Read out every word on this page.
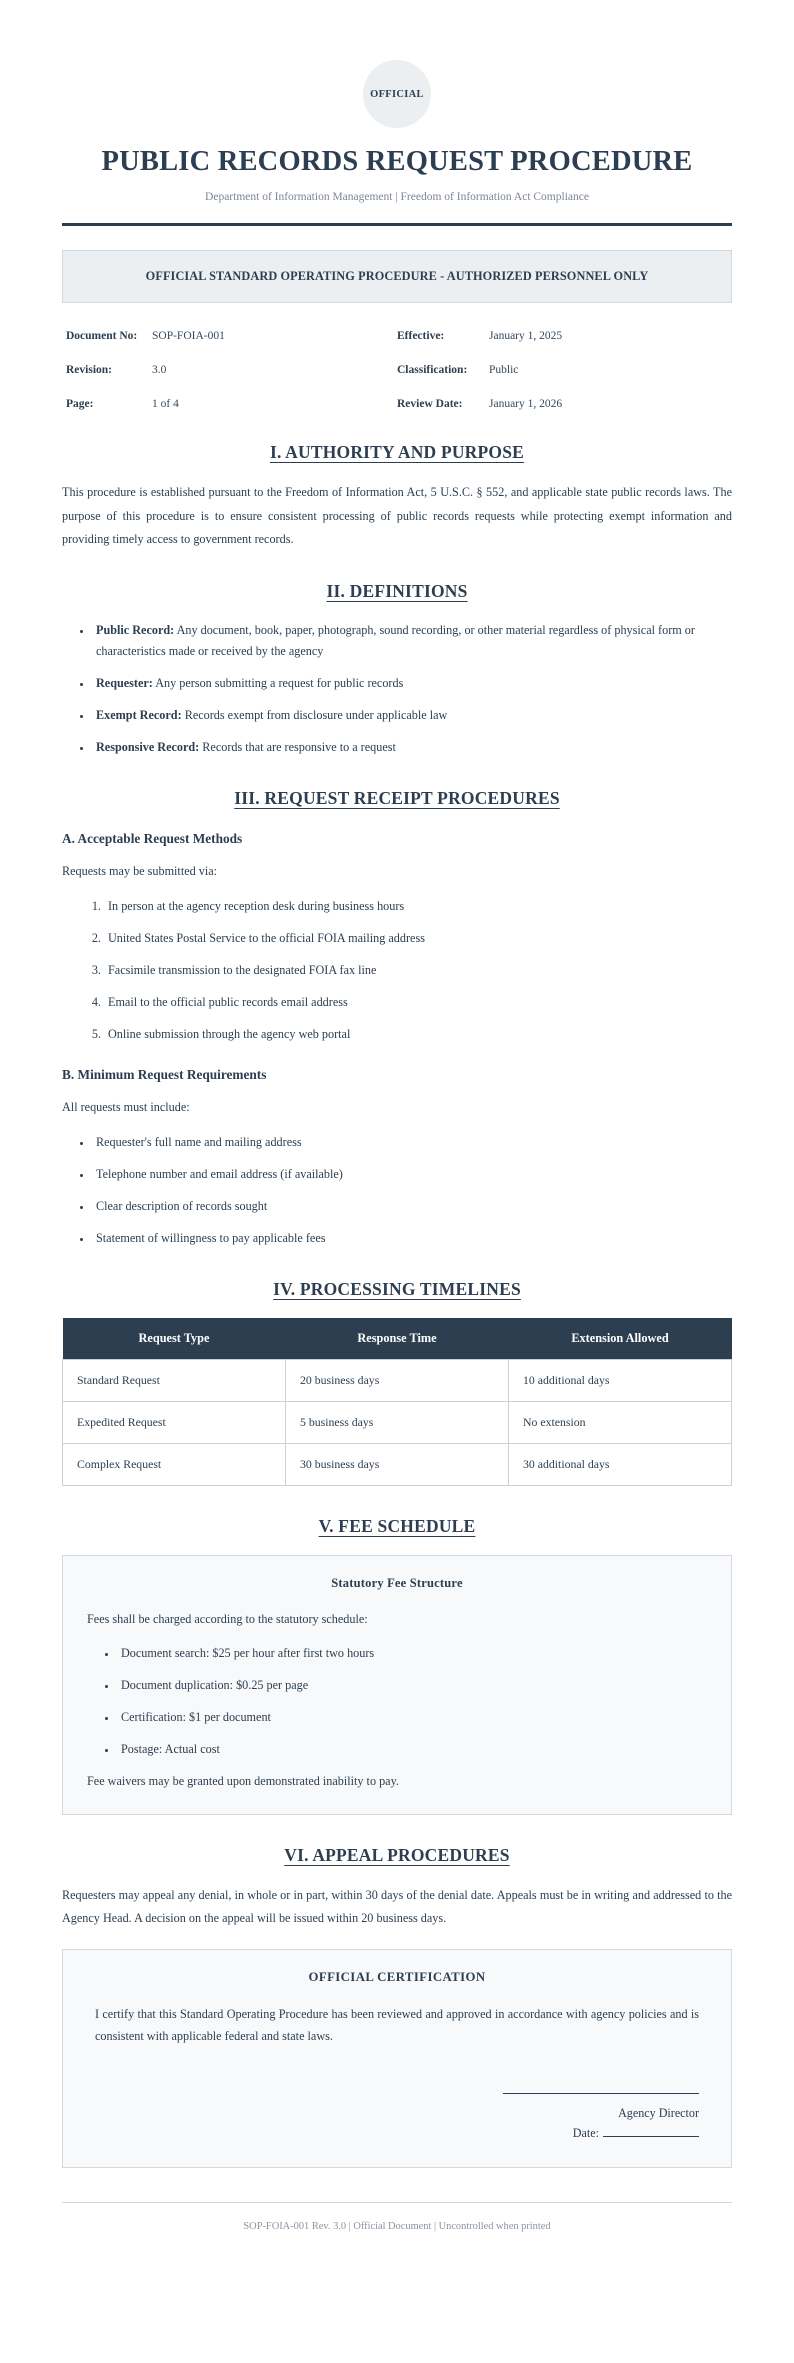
OFFICIAL
PUBLIC RECORDS REQUEST PROCEDURE
Department of Information Management | Freedom of Information Act Compliance
OFFICIAL STANDARD OPERATING PROCEDURE - AUTHORIZED PERSONNEL ONLY
Document No:	SOP-FOIA-001	Effective:	January 1, 2025
Revision:	3.0	Classification:	Public
Page:	1 of 4	Review Date:	January 1, 2026
I. AUTHORITY AND PURPOSE

This procedure is established pursuant to the Freedom of Information Act, 5 U.S.C. § 552, and applicable state public records laws. The purpose of this procedure is to ensure consistent processing of public records requests while protecting exempt information and providing timely access to government records.

II. DEFINITIONS
• Public Record: Any document, book, paper, photograph, sound recording, or other material regardless of physical form or characteristics made or received by the agency
• Requester: Any person submitting a request for public records
• Exempt Record: Records exempt from disclosure under applicable law
• Responsive Record: Records that are responsive to a request
III. REQUEST RECEIPT PROCEDURES
A. Acceptable Request Methods

Requests may be submitted via:

1. In person at the agency reception desk during business hours
2. United States Postal Service to the official FOIA mailing address
3. Facsimile transmission to the designated FOIA fax line
4. Email to the official public records email address
5. Online submission through the agency web portal
B. Minimum Request Requirements

All requests must include:

• Requester's full name and mailing address
• Telephone number and email address (if available)
• Clear description of records sought
• Statement of willingness to pay applicable fees
IV. PROCESSING TIMELINES
Request Type	Response Time	Extension Allowed
Standard Request	20 business days	10 additional days
Expedited Request	5 business days	No extension
Complex Request	30 business days	30 additional days
V. FEE SCHEDULE
Statutory Fee Structure

Fees shall be charged according to the statutory schedule:

• Document search: $25 per hour after first two hours
• Document duplication: $0.25 per page
• Certification: $1 per document
• Postage: Actual cost

Fee waivers may be granted upon demonstrated inability to pay.

VI. APPEAL PROCEDURES

Requesters may appeal any denial, in whole or in part, within 30 days of the denial date. Appeals must be in writing and addressed to the Agency Head. A decision on the appeal will be issued within 20 business days.

OFFICIAL CERTIFICATION

I certify that this Standard Operating Procedure has been reviewed and approved in accordance with agency policies and is consistent with applicable federal and state laws.

Agency Director
Date:
SOP-FOIA-001 Rev. 3.0 | Official Document | Uncontrolled when printed
